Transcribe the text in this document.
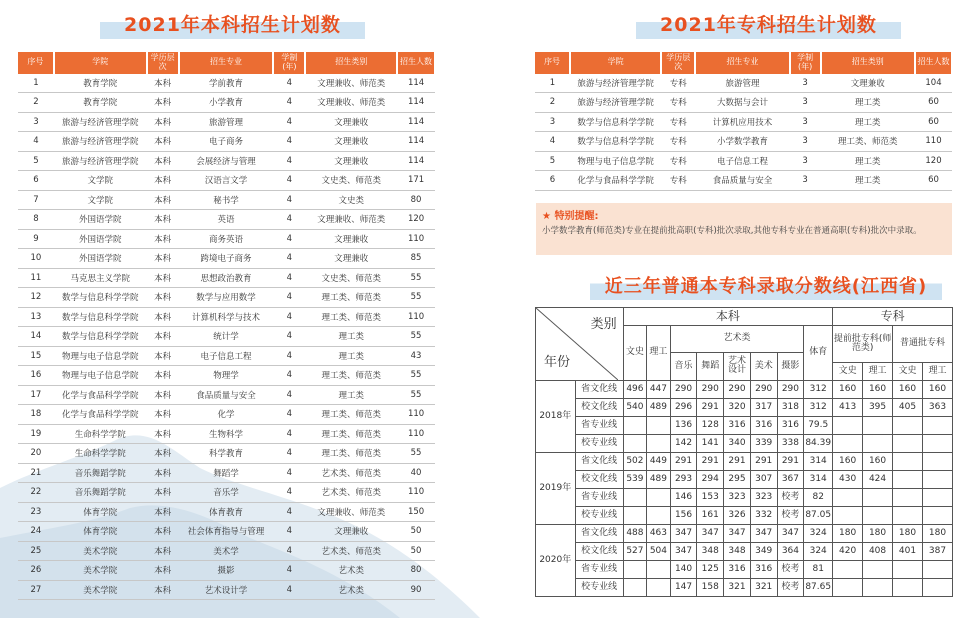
2021年本科招生计划数	2021年专科招生计划数
近三年普通本专科录取分数线(江西省)
序号	学院	学历层次	招生专业	学制(年)	招生类别	招生人数
1	教育学院	本科	学前教育	4	文理兼收、师范类	114
2	教育学院	本科	小学教育	4	文理兼收、师范类	114
3	旅游与经济管理学院	本科	旅游管理	4	文理兼收	114
4	旅游与经济管理学院	本科	电子商务	4	文理兼收	114
5	旅游与经济管理学院	本科	会展经济与管理	4	文理兼收	114
6	文学院	本科	汉语言文学	4	文史类、师范类	171
7	文学院	本科	秘书学	4	文史类	80
8	外国语学院	本科	英语	4	文理兼收、师范类	120
9	外国语学院	本科	商务英语	4	文理兼收	110
10	外国语学院	本科	跨境电子商务	4	文理兼收	85
11	马克思主义学院	本科	思想政治教育	4	文史类、师范类	55
12	数学与信息科学学院	本科	数学与应用数学	4	理工类、师范类	55
13	数学与信息科学学院	本科	计算机科学与技术	4	理工类、师范类	110
14	数学与信息科学学院	本科	统计学	4	理工类	55
15	物理与电子信息学院	本科	电子信息工程	4	理工类	43
16	物理与电子信息学院	本科	物理学	4	理工类、师范类	55
17	化学与食品科学学院	本科	食品质量与安全	4	理工类	55
18	化学与食品科学学院	本科	化学	4	理工类、师范类	110
19	生命科学学院	本科	生物科学	4	理工类、师范类	110
20	生命科学学院	本科	科学教育	4	理工类、师范类	55
21	音乐舞蹈学院	本科	舞蹈学	4	艺术类、师范类	40
22	音乐舞蹈学院	本科	音乐学	4	艺术类、师范类	110
23	体育学院	本科	体育教育	4	文理兼收、师范类	150
24	体育学院	本科	社会体育指导与管理	4	文理兼收	50
25	美术学院	本科	美术学	4	艺术类、师范类	50
26	美术学院	本科	摄影	4	艺术类	80
27	美术学院	本科	艺术设计学	4	艺术类	90
序号	学院	学历层次	招生专业	学制(年)	招生类别	招生人数
1	旅游与经济管理学院	专科	旅游管理	3	文理兼收	104
2	旅游与经济管理学院	专科	大数据与会计	3	理工类	60
3	数学与信息科学学院	专科	计算机应用技术	3	理工类	60
4	数学与信息科学学院	专科	小学数学教育	3	理工类、师范类	110
5	物理与电子信息学院	专科	电子信息工程	3	理工类	120
6	化学与食品科学学院	专科	食品质量与安全	3	理工类	60
★ 特别提醒:
小学数学教育(师范类)专业在提前批高职(专科)批次录取,其他专科专业在普通高职(专科)批次中录取。
类别
年份		本科								专科			
		文史	理工	艺术类					体育	提前批专科(师范类)		普通批专科	
				音乐	舞蹈	艺术设计	美术	摄影					
										文史	理工	文史	理工
2018年	省文化线	496	447	290	290	290	290	290	312	160	160	160	160
	校文化线	540	489	296	291	320	317	318	312	413	395	405	363
	省专业线			136	128	316	316	316	79.5				
	校专业线			142	141	340	339	338	84.39				
2019年	省文化线	502	449	291	291	291	291	291	314	160	160		
	校文化线	539	489	293	294	295	307	367	314	430	424		
	省专业线			146	153	323	323	校考	82				
	校专业线			156	161	326	332	校考	87.05				
2020年	省文化线	488	463	347	347	347	347	347	324	180	180	180	180
	校文化线	527	504	347	348	348	349	364	324	420	408	401	387
	省专业线			140	125	316	316	校考	81				
	校专业线			147	158	321	321	校考	87.65				
